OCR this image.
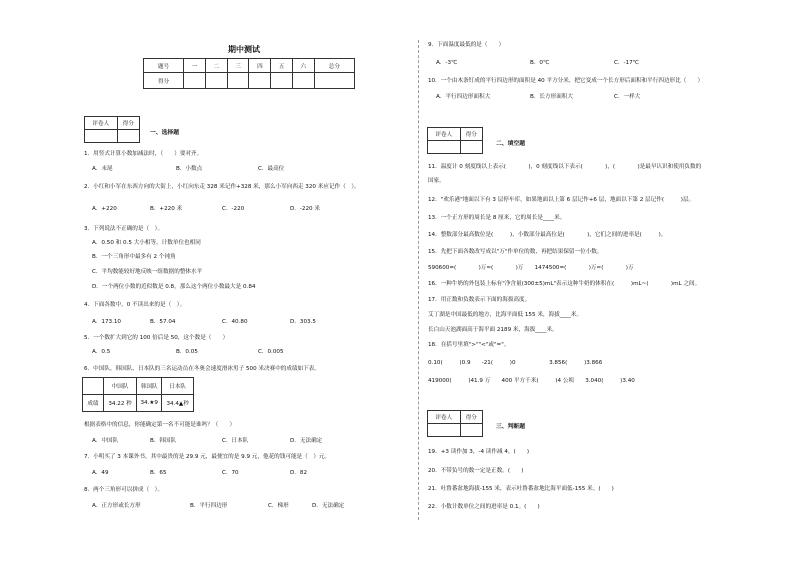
期中测试
题号	一	二	三	四	五	六	总分
得分							
评卷人	得分

一、选择题
1．用竖式计算小数加减法时，（　　）要对齐。
A．末尾	B．小数点	C．最高位
2．小红和小军在东西方向的大街上，小红向东走 328 米记作+328 米，那么小军向西走 320 米应记作（　）。
A．+220	B．+220 米	C．-220	D．-220 米
3．下列说法不正确的是（　）。
A．0.50 和 0.5 大小相等，计数单位也相同
B．一个三角形中最多有 2 个钝角
C．平均数能较好地反映一组数据的整体水平
D．一个两位小数的近似数是 0.8，那么这个两位小数最大是 0.84
4．下面各数中，0 不读出来的是（　）。
A．173.10	B．57.04	C．40.80	D．303.5
5．一个数扩大到它的 100 倍后是 50，这个数是（　　）
A．0.5	B．0.05	C．0.005
6．中国队、韩国队、日本队的三名运动员在冬奥会速度滑冰男子 500 米决赛中的成绩如下表。
	中国队	韩国队	日本队
成绩	34.22 秒	34.★9	34.4▲秒
根据表格中的信息，你能确定第一名不可能是谁吗？（　　）
A．中国队	B．韩国队	C．日本队	D．无法确定
7．小明买了 3 本课外书，其中最贵的是 29.9 元，最便宜的是 9.9 元，他花的钱可能是（　）元。
A．49	B．65	C．70	D．82
8．两个三角形可以拼成（　）。
A．正方形或长方形	B．平行四边形	C．梯形	D．无法确定
9．下面温度最低的是（　　）
A．-3℃	B．0℃	C．-17℃
10．一个由木条钉成的平行四边形的面积是 40 平方分米，把它变成一个长方形后面积和平行四边形比（　　）
A．平行四边形面积大	B．长方形面积大	C．一样大
评卷人	得分

二、填空题
11．温度计 0 刻度线以上表示(　　　　)，0 刻度线以下表示(　　　　)，(　　　　)是最早认识和使用负数的
国家。
12．"欢乐港"地面以下有 3 层停车库，如果地面以上第 6 层记作+6 层，地面以下第 2 层记作(　　　)层。
13．一个正方形的周长是 8 厘米，它的周长是____米。
14．整数部分最高数位是(　　　)，小数部分最高位是(　　　　)，它们之间的进率是(　　　)。
15．先把下面各数改写成以"万"作单位的数，再把结果保留一位小数。
590600=(　　　　)万≈(　　　　)万　　1474500=(　　　　)万≈(　　　　)万
16．一种牛奶的外包装上标有"净含量(300±5)mL"表示这种牛奶的体积在(　　　)mL~(　　　　)mL 之间。
17．用正数和负数表示下面的海拔高度。
艾丁湖是中国最低的地方，比海平面低 155 米，海拔____米。
长白山天池湖面高于海平面 2189 米，海拔____米。
18．在括号里填">""<"或"="。
0.10(　　　)0.9　　-21(　　　)0　　　　　　3.856(　　　)3.866
419000(　　　)41.9 万　　400 平方千米(　　　)4 公顷　　3.040(　　　)3.40
评卷人	得分

三、判断题
19．+3 读作加 3，-4 读作减 4。(　　)
20．不带负号的数一定是正数。(　　)
21．吐鲁番盆地海拔-155 米，表示吐鲁番盆地比海平面低-155 米。(　　)
22．小数计数单位之间的进率是 0.1。(　　)
